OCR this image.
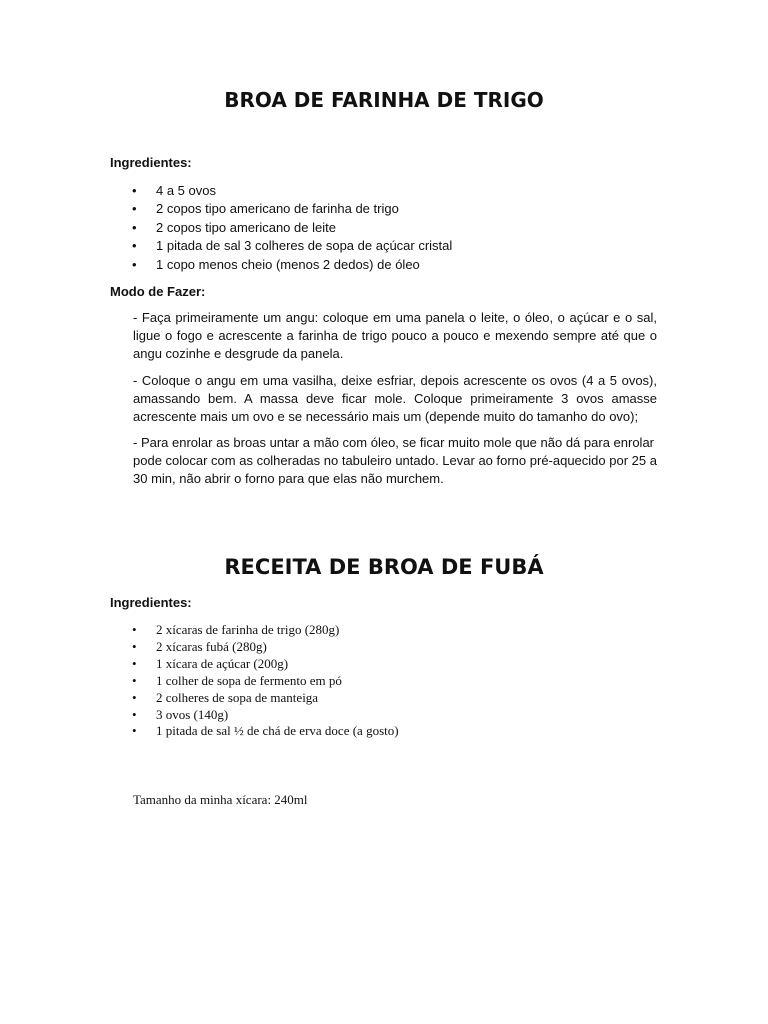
BROA DE FARINHA DE TRIGO

Ingredientes:

• 4 a 5 ovos
• 2 copos tipo americano de farinha de trigo
• 2 copos tipo americano de leite
• 1 pitada de sal 3 colheres de sopa de açúcar cristal
• 1 copo menos cheio (menos 2 dedos) de óleo

Modo de Fazer:

- Faça primeiramente um angu: coloque em uma panela o leite, o óleo, o açúcar e o sal, ligue o fogo e acrescente a farinha de trigo pouco a pouco e mexendo sempre até que o angu cozinhe e desgrude da panela.

- Coloque o angu em uma vasilha, deixe esfriar, depois acrescente os ovos (4 a 5 ovos), amassando bem. A massa deve ficar mole. Coloque primeiramente 3 ovos amasse acrescente mais um ovo e se necessário mais um (depende muito do tamanho do ovo);

- Para enrolar as broas untar a mão com óleo, se ficar muito mole que não dá para enrolar pode colocar com as colheradas no tabuleiro untado. Levar ao forno pré-aquecido por 25 a 30 min, não abrir o forno para que elas não murchem.

RECEITA DE BROA DE FUBÁ

Ingredientes:

• 2 xícaras de farinha de trigo (280g)
• 2 xícaras fubá (280g)
• 1 xícara de açúcar (200g)
• 1 colher de sopa de fermento em pó
• 2 colheres de sopa de manteiga
• 3 ovos (140g)
• 1 pitada de sal ½ de chá de erva doce (a gosto)

Tamanho da minha xícara: 240ml
